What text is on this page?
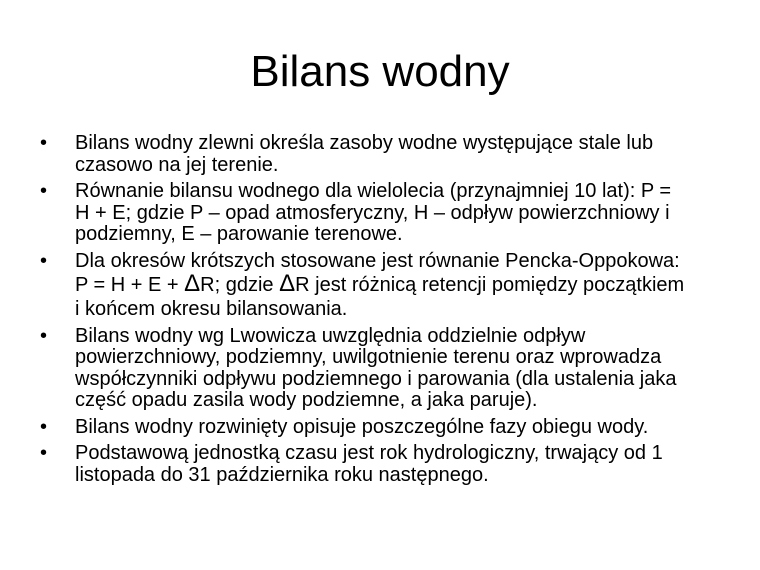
Bilans wodny
• Bilans wodny zlewni określa zasoby wodne występujące stale lub
czasowo na jej terenie.
• Równanie bilansu wodnego dla wielolecia (przynajmniej 10 lat): P =
H + E; gdzie P – opad atmosferyczny, H – odpływ powierzchniowy i
podziemny, E – parowanie terenowe.
• Dla okresów krótszych stosowane jest równanie Pencka-Oppokowa:
P = H + E + ΔR; gdzie ΔR jest różnicą retencji pomiędzy początkiem
i końcem okresu bilansowania.
• Bilans wodny wg Lwowicza uwzględnia oddzielnie odpływ
powierzchniowy, podziemny, uwilgotnienie terenu oraz wprowadza
współczynniki odpływu podziemnego i parowania (dla ustalenia jaka
część opadu zasila wody podziemne, a jaka paruje).
• Bilans wodny rozwinięty opisuje poszczególne fazy obiegu wody.
• Podstawową jednostką czasu jest rok hydrologiczny, trwający od 1
listopada do 31 października roku następnego.
